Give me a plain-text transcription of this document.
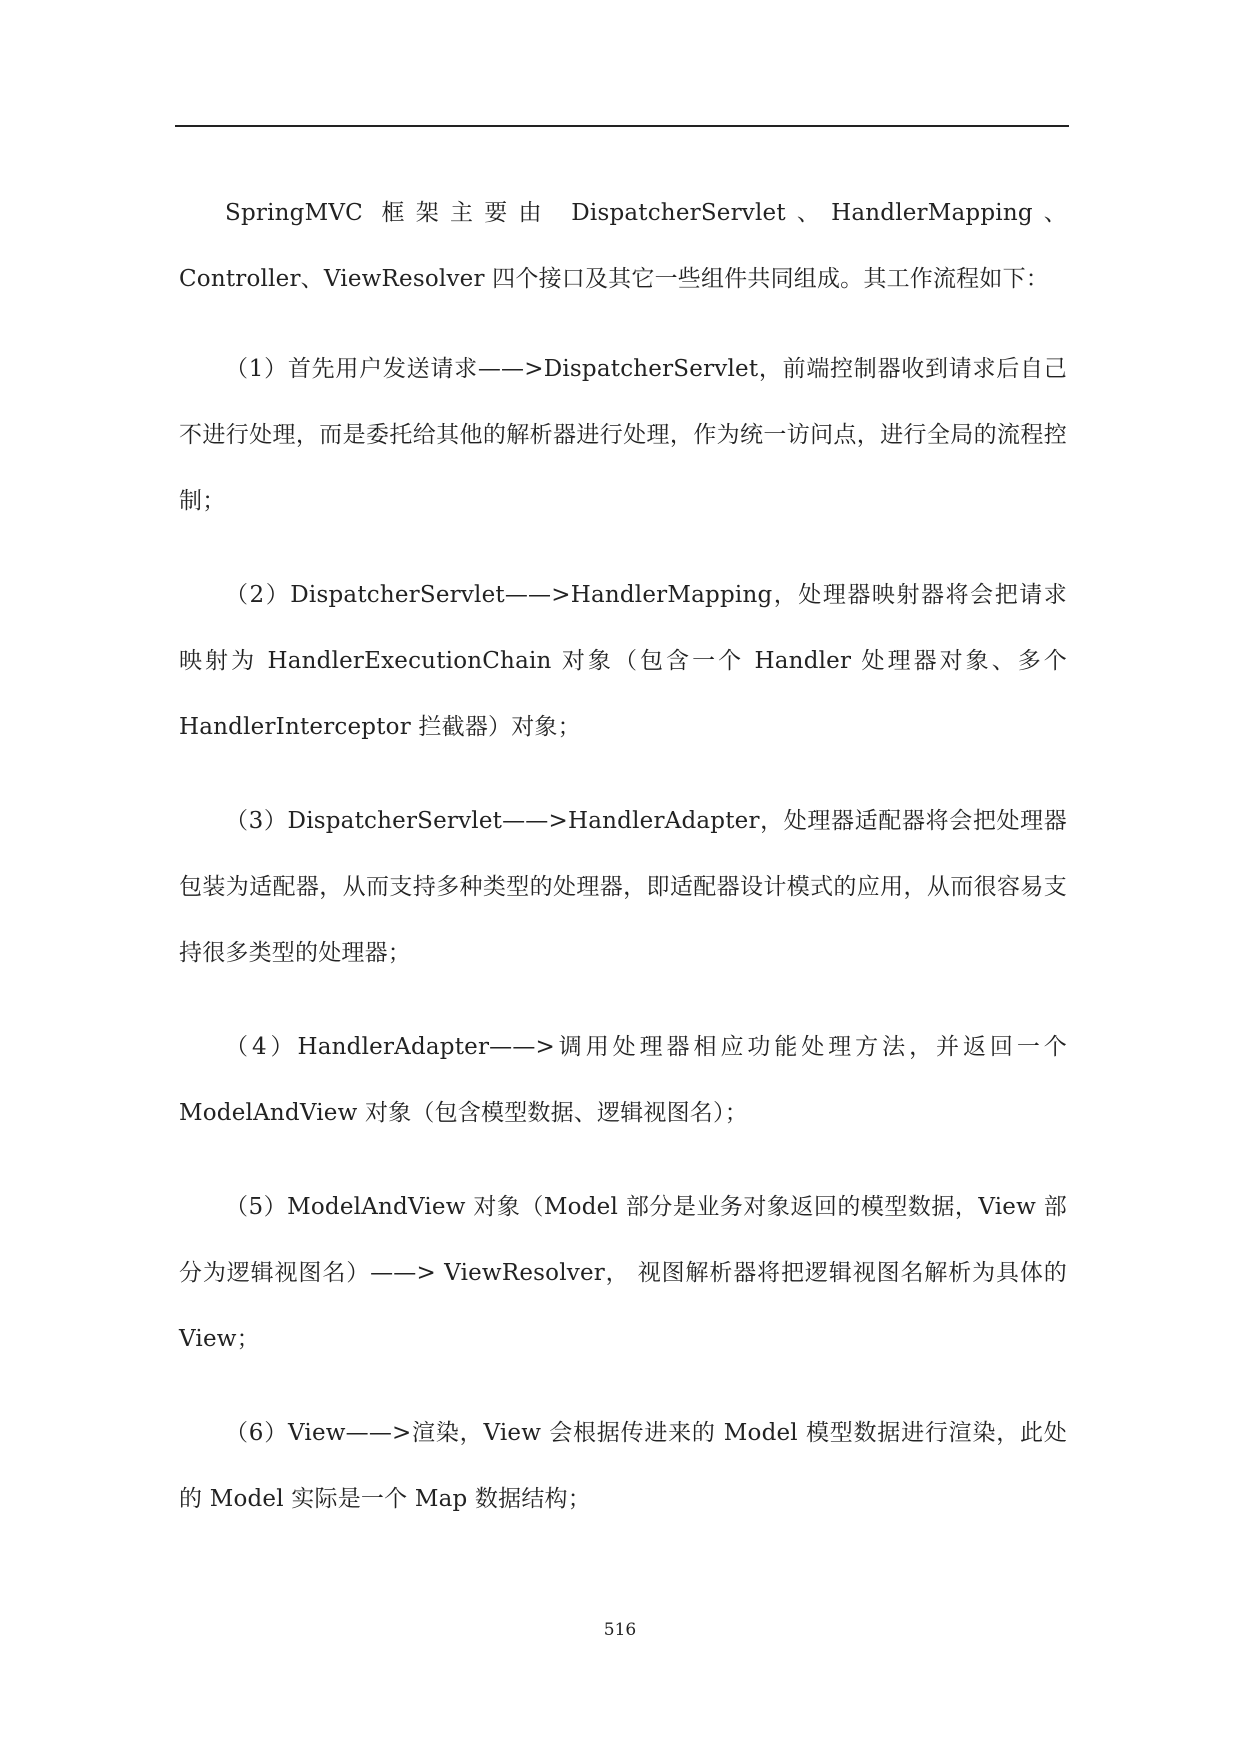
SpringMVC 框架主要由 DispatcherServlet、HandlerMapping、Controller、ViewResolver 四个接口及其它一些组件共同组成。其工作流程如下：

（1）首先用户发送请求——>DispatcherServlet，前端控制器收到请求后自己不进行处理，而是委托给其他的解析器进行处理，作为统一访问点，进行全局的流程控制；

（2）DispatcherServlet——>HandlerMapping，处理器映射器将会把请求映射为 HandlerExecutionChain 对象（包含一个 Handler 处理器对象、多个 HandlerInterceptor 拦截器）对象；

（3）DispatcherServlet——>HandlerAdapter，处理器适配器将会把处理器包装为适配器，从而支持多种类型的处理器，即适配器设计模式的应用，从而很容易支持很多类型的处理器；

（4）HandlerAdapter——>调用处理器相应功能处理方法，并返回一个 ModelAndView 对象（包含模型数据、逻辑视图名）；

（5）ModelAndView 对象（Model 部分是业务对象返回的模型数据，View 部分为逻辑视图名）——> ViewResolver， 视图解析器将把逻辑视图名解析为具体的 View；

（6）View——>渲染，View 会根据传进来的 Model 模型数据进行渲染，此处的 Model 实际是一个 Map 数据结构；

516
